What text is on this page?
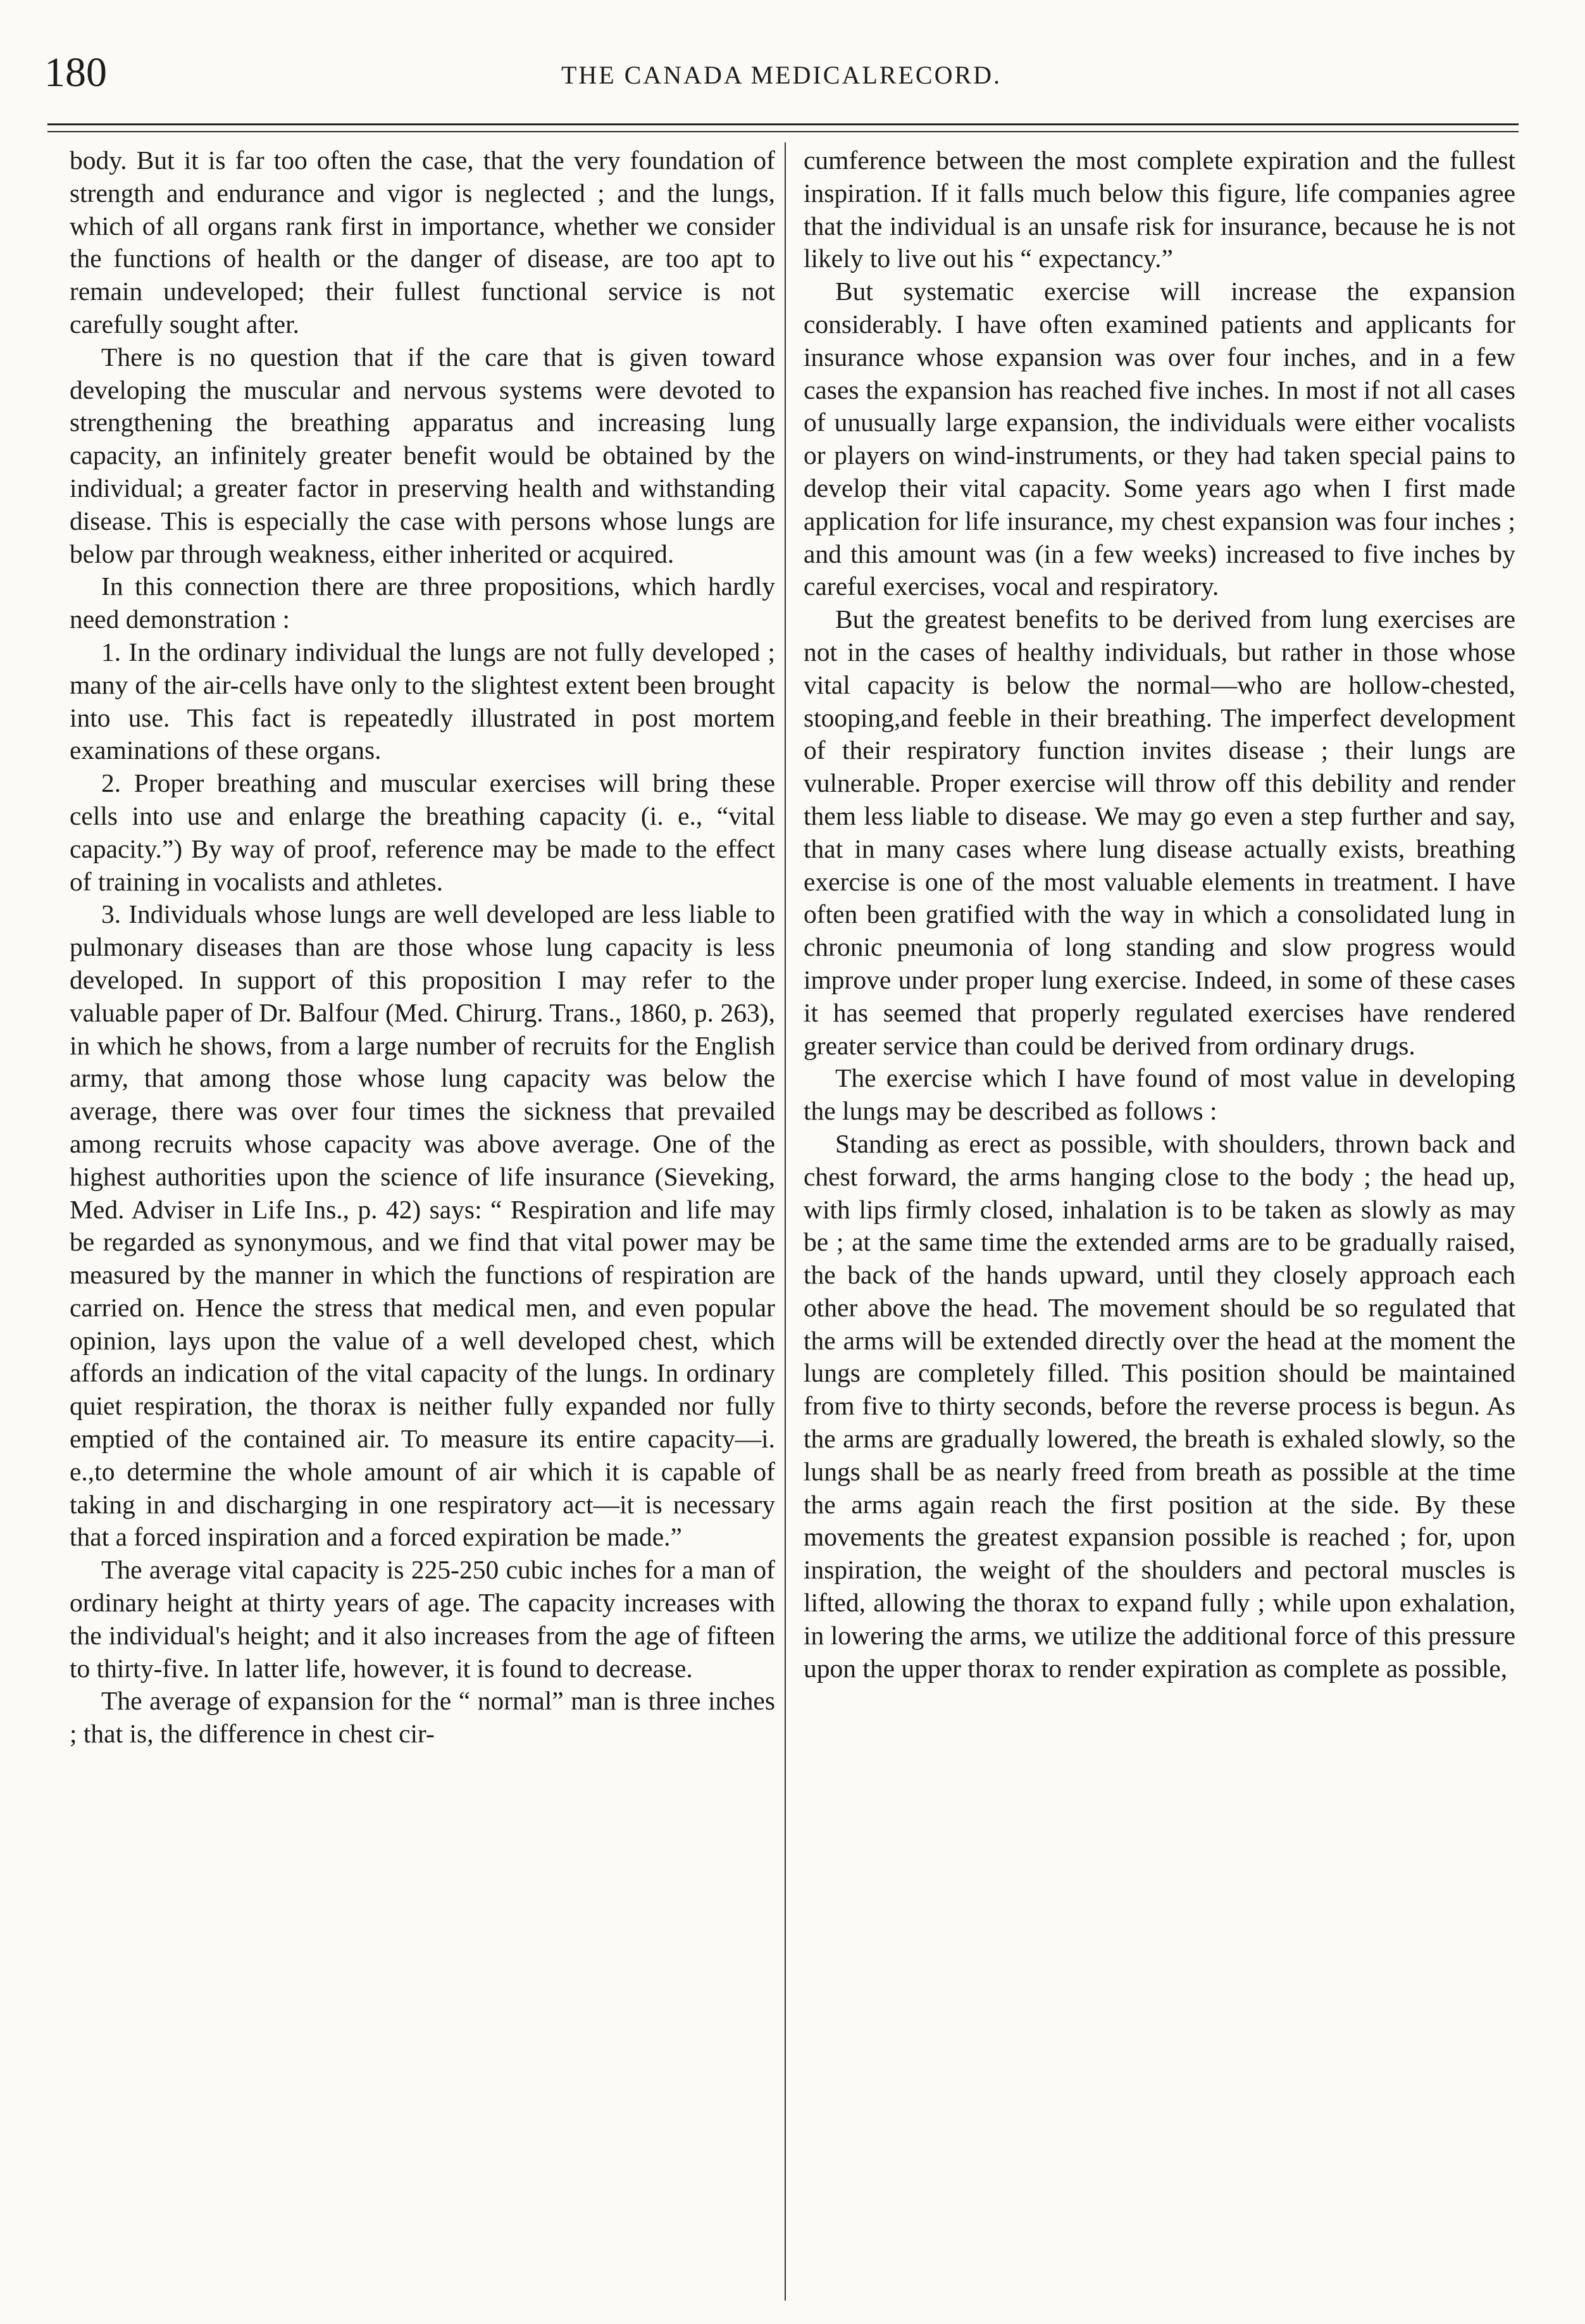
180	THE CANADA MEDICALRECORD.

body. But it is far too often the case, that the very foundation of strength and endurance and vigor is neglected ; and the lungs, which of all organs rank first in importance, whether we consider the functions of health or the danger of disease, are too apt to remain undeveloped; their fullest functional service is not carefully sought after.

There is no question that if the care that is given toward developing the muscular and nervous systems were devoted to strengthening the breathing apparatus and increasing lung capacity, an infinitely greater benefit would be obtained by the individual; a greater factor in preserving health and withstanding disease. This is especially the case with persons whose lungs are below par through weakness, either inherited or acquired.

In this connection there are three propositions, which hardly need demonstration :

1. In the ordinary individual the lungs are not fully developed ; many of the air-cells have only to the slightest extent been brought into use. This fact is repeatedly illustrated in post mortem examinations of these organs.

2. Proper breathing and muscular exercises will bring these cells into use and enlarge the breathing capacity (i. e., “vital capacity.”) By way of proof, reference may be made to the effect of training in vocalists and athletes.

3. Individuals whose lungs are well developed are less liable to pulmonary diseases than are those whose lung capacity is less developed. In support of this proposition I may refer to the valuable paper of Dr. Balfour (Med. Chirurg. Trans., 1860, p. 263), in which he shows, from a large number of recruits for the English army, that among those whose lung capacity was below the average, there was over four times the sickness that prevailed among recruits whose capacity was above average. One of the highest authorities upon the science of life insurance (Sieveking, Med. Adviser in Life Ins., p. 42) says: “ Respiration and life may be regarded as synonymous, and we find that vital power may be measured by the manner in which the functions of respiration are carried on. Hence the stress that medical men, and even popular opinion, lays upon the value of a well developed chest, which affords an indication of the vital capacity of the lungs. In ordinary quiet respiration, the thorax is neither fully expanded nor fully emptied of the contained air. To measure its entire capacity—i. e.,to determine the whole amount of air which it is capable of taking in and discharging in one respiratory act—it is necessary that a forced inspiration and a forced expiration be made.”

The average vital capacity is 225-250 cubic inches for a man of ordinary height at thirty years of age. The capacity increases with the individual's height; and it also increases from the age of fifteen to thirty-five. In latter life, however, it is found to decrease.

The average of expansion for the “ normal” man is three inches ; that is, the difference in chest cir-

cumference between the most complete expiration and the fullest inspiration. If it falls much below this figure, life companies agree that the individual is an unsafe risk for insurance, because he is not likely to live out his “ expectancy.”

But systematic exercise will increase the expansion considerably. I have often examined patients and applicants for insurance whose expansion was over four inches, and in a few cases the expansion has reached five inches. In most if not all cases of unusually large expansion, the individuals were either vocalists or players on wind-instruments, or they had taken special pains to develop their vital capacity. Some years ago when I first made application for life insurance, my chest expansion was four inches ; and this amount was (in a few weeks) increased to five inches by careful exercises, vocal and respiratory.

But the greatest benefits to be derived from lung exercises are not in the cases of healthy individuals, but rather in those whose vital capacity is below the normal—who are hollow-chested, stooping,and feeble in their breathing. The imperfect development of their respiratory function invites disease ; their lungs are vulnerable. Proper exercise will throw off this debility and render them less liable to disease. We may go even a step further and say, that in many cases where lung disease actually exists, breathing exercise is one of the most valuable elements in treatment. I have often been gratified with the way in which a consolidated lung in chronic pneumonia of long standing and slow progress would improve under proper lung exercise. Indeed, in some of these cases it has seemed that properly regulated exercises have rendered greater service than could be derived from ordinary drugs.

The exercise which I have found of most value in developing the lungs may be described as follows :

Standing as erect as possible, with shoulders, thrown back and chest forward, the arms hanging close to the body ; the head up, with lips firmly closed, inhalation is to be taken as slowly as may be ; at the same time the extended arms are to be gradually raised, the back of the hands upward, until they closely approach each other above the head. The movement should be so regulated that the arms will be extended directly over the head at the moment the lungs are completely filled. This position should be maintained from five to thirty seconds, before the reverse process is begun. As the arms are gradually lowered, the breath is exhaled slowly, so the lungs shall be as nearly freed from breath as possible at the time the arms again reach the first position at the side. By these movements the greatest expansion possible is reached ; for, upon inspiration, the weight of the shoulders and pectoral muscles is lifted, allowing the thorax to expand fully ; while upon exhalation, in lowering the arms, we utilize the additional force of this pressure upon the upper thorax to render expiration as complete as possible,
